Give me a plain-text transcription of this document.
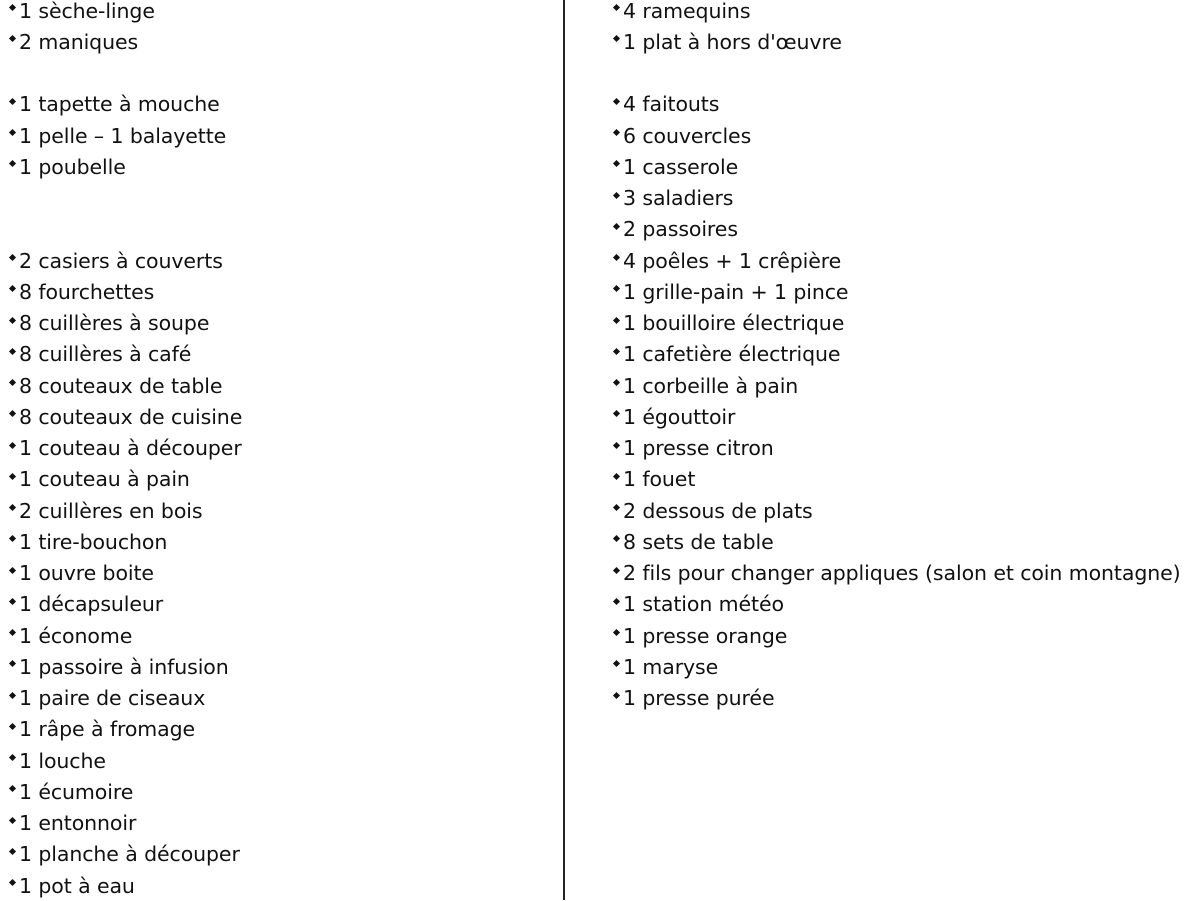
1 sèche-linge
2 maniques
1 tapette à mouche
1 pelle – 1 balayette
1 poubelle
2 casiers à couverts
8 fourchettes
8 cuillères à soupe
8 cuillères à café
8 couteaux de table
8 couteaux de cuisine
1 couteau à découper
1 couteau à pain
2 cuillères en bois
1 tire-bouchon
1 ouvre boite
1 décapsuleur
1 économe
1 passoire à infusion
1 paire de ciseaux
1 râpe à fromage
1 louche
1 écumoire
1 entonnoir
1 planche à découper
1 pot à eau
4 ramequins
1 plat à hors d'œuvre
4 faitouts
6 couvercles
1 casserole
3 saladiers
2 passoires
4 poêles + 1 crêpière
1 grille-pain + 1 pince
1 bouilloire électrique
1 cafetière électrique
1 corbeille à pain
1 égouttoir
1 presse citron
1 fouet
2 dessous de plats
8 sets de table
2 fils pour changer appliques (salon et coin montagne)
1 station météo
1 presse orange
1 maryse
1 presse purée
